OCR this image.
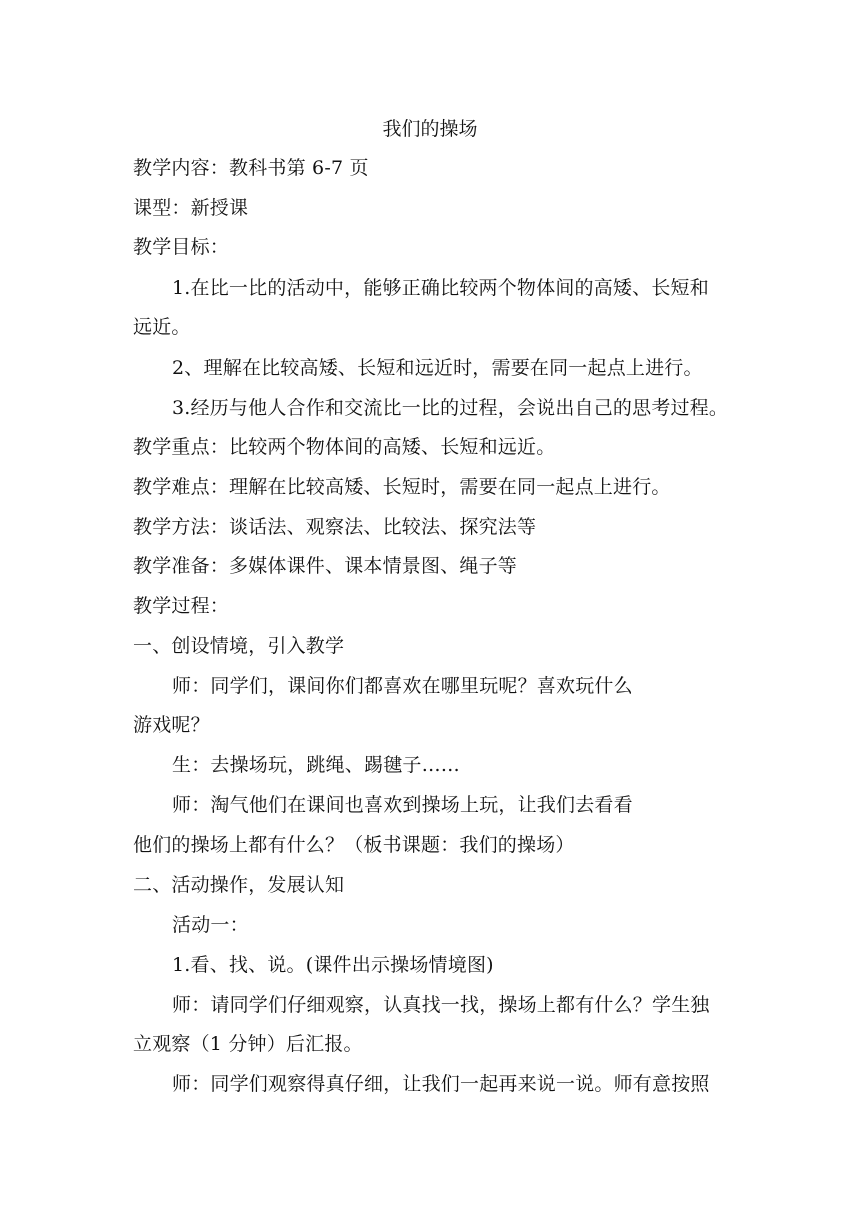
我们的操场
教学内容：教科书第 6-7 页
课型：新授课
教学目标：
1.在比一比的活动中，能够正确比较两个物体间的高矮、长短和
远近。
2、理解在比较高矮、长短和远近时，需要在同一起点上进行。
3.经历与他人合作和交流比一比的过程，会说出自己的思考过程。
教学重点：比较两个物体间的高矮、长短和远近。
教学难点：理解在比较高矮、长短时，需要在同一起点上进行。
教学方法：谈话法、观察法、比较法、探究法等
教学准备：多媒体课件、课本情景图、绳子等
教学过程：
一、创设情境，引入教学
师：同学们，课间你们都喜欢在哪里玩呢？喜欢玩什么
游戏呢？
生：去操场玩，跳绳、踢毽子……
师：淘气他们在课间也喜欢到操场上玩，让我们去看看
他们的操场上都有什么？（板书课题：我们的操场）
二、活动操作，发展认知
活动一：
1.看、找、说。(课件出示操场情境图)
师：请同学们仔细观察，认真找一找，操场上都有什么？学生独
立观察（1 分钟）后汇报。
师：同学们观察得真仔细，让我们一起再来说一说。师有意按照
